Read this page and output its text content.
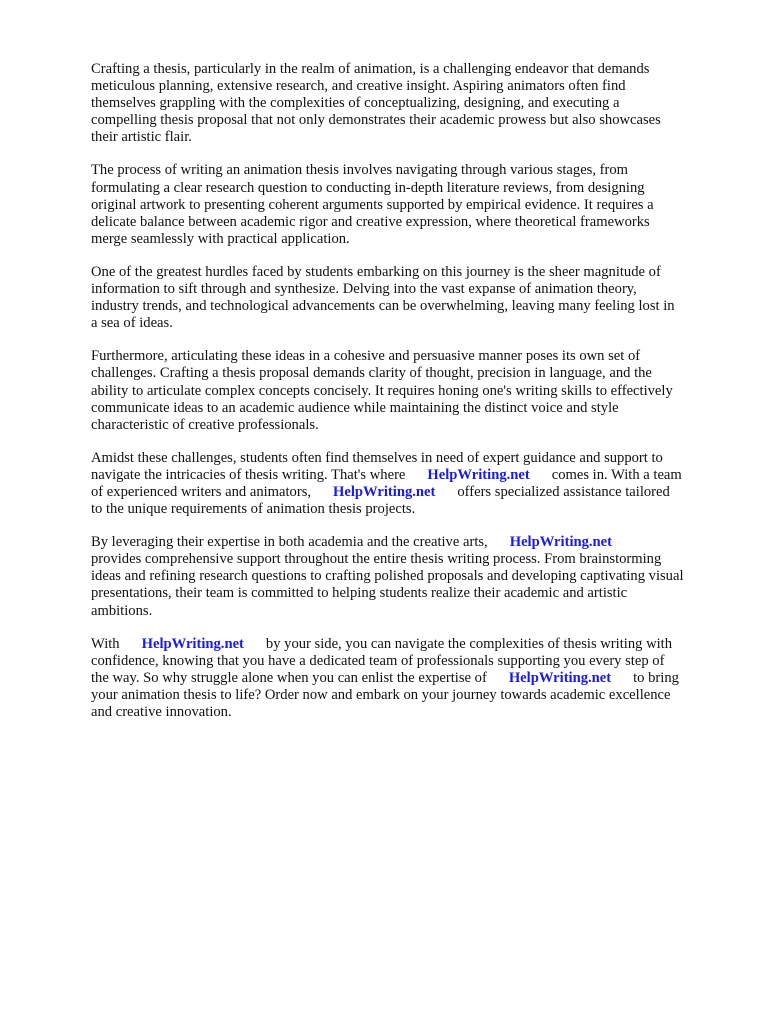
Crafting a thesis, particularly in the realm of animation, is a challenging endeavor that demands
meticulous planning, extensive research, and creative insight. Aspiring animators often find
themselves grappling with the complexities of conceptualizing, designing, and executing a
compelling thesis proposal that not only demonstrates their academic prowess but also showcases
their artistic flair.

The process of writing an animation thesis involves navigating through various stages, from
formulating a clear research question to conducting in-depth literature reviews, from designing
original artwork to presenting coherent arguments supported by empirical evidence. It requires a
delicate balance between academic rigor and creative expression, where theoretical frameworks
merge seamlessly with practical application.

One of the greatest hurdles faced by students embarking on this journey is the sheer magnitude of
information to sift through and synthesize. Delving into the vast expanse of animation theory,
industry trends, and technological advancements can be overwhelming, leaving many feeling lost in
a sea of ideas.

Furthermore, articulating these ideas in a cohesive and persuasive manner poses its own set of
challenges. Crafting a thesis proposal demands clarity of thought, precision in language, and the
ability to articulate complex concepts concisely. It requires honing one's writing skills to effectively
communicate ideas to an academic audience while maintaining the distinct voice and style
characteristic of creative professionals.

Amidst these challenges, students often find themselves in need of expert guidance and support to
navigate the intricacies of thesis writing. That's where HelpWriting.net comes in. With a team
of experienced writers and animators, HelpWriting.net offers specialized assistance tailored
to the unique requirements of animation thesis projects.

By leveraging their expertise in both academia and the creative arts, HelpWriting.net
provides comprehensive support throughout the entire thesis writing process. From brainstorming
ideas and refining research questions to crafting polished proposals and developing captivating visual
presentations, their team is committed to helping students realize their academic and artistic
ambitions.

With HelpWriting.net by your side, you can navigate the complexities of thesis writing with
confidence, knowing that you have a dedicated team of professionals supporting you every step of
the way. So why struggle alone when you can enlist the expertise of HelpWriting.net to bring
your animation thesis to life? Order now and embark on your journey towards academic excellence
and creative innovation.
